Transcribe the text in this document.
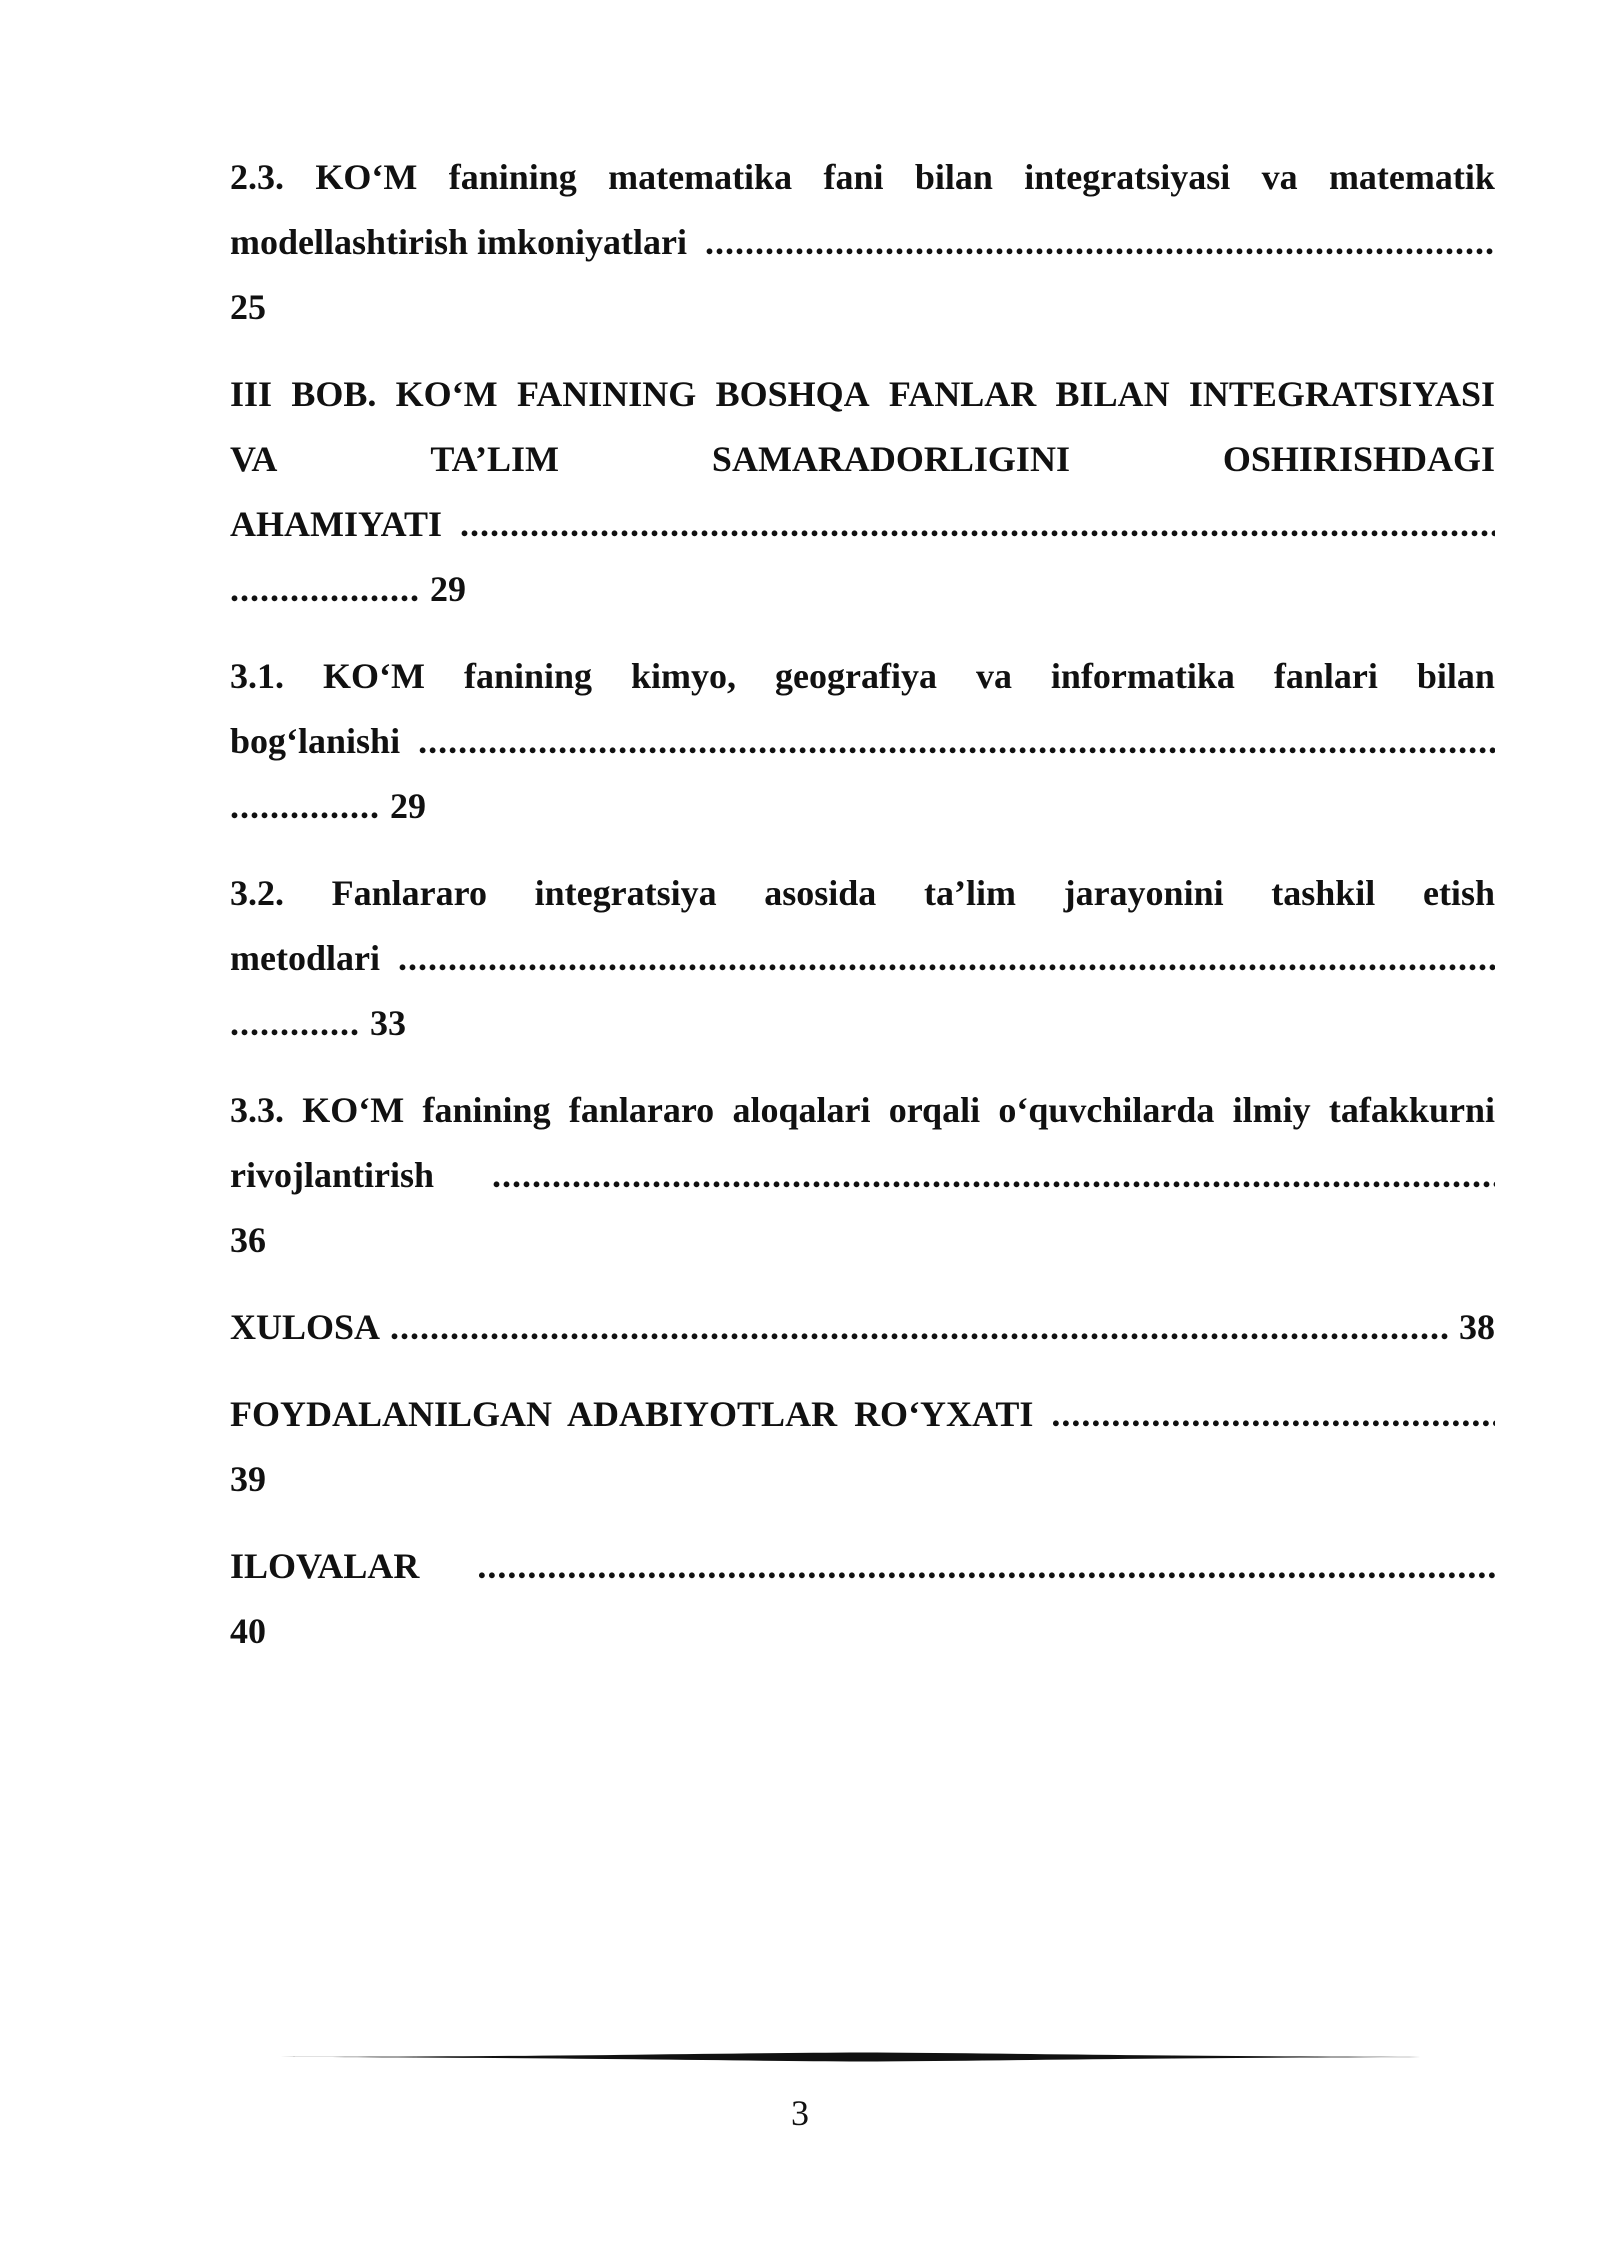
2.3. KO‘M fanining matematika fani bilan integratsiyasi va matematik
modellashtirish imkoniyatlari
.....
25
III BOB. KO‘M FANINING BOSHQA FANLAR BILAN INTEGRATSIYASI
VA	TA’LIM	SAMARADORLIGINI	OSHIRISHDAGI
AHAMIYATI
.....
................... 29
3.1. KO‘M fanining kimyo, geografiya va informatika fanlari bilan
bog‘lanishi
.....
............... 29
3.2. Fanlararo integratsiya asosida ta’lim jarayonini tashkil etish
metodlari
.....
............. 33
3.3. KO‘M fanining fanlararo aloqalari orqali o‘quvchilarda ilmiy tafakkurni
rivojlantirish
.....
36
XULOSA .....	38
FOYDALANILGAN ADABIYOTLAR RO‘YXATI
.....
39
ILOVALAR
.....
40
3
